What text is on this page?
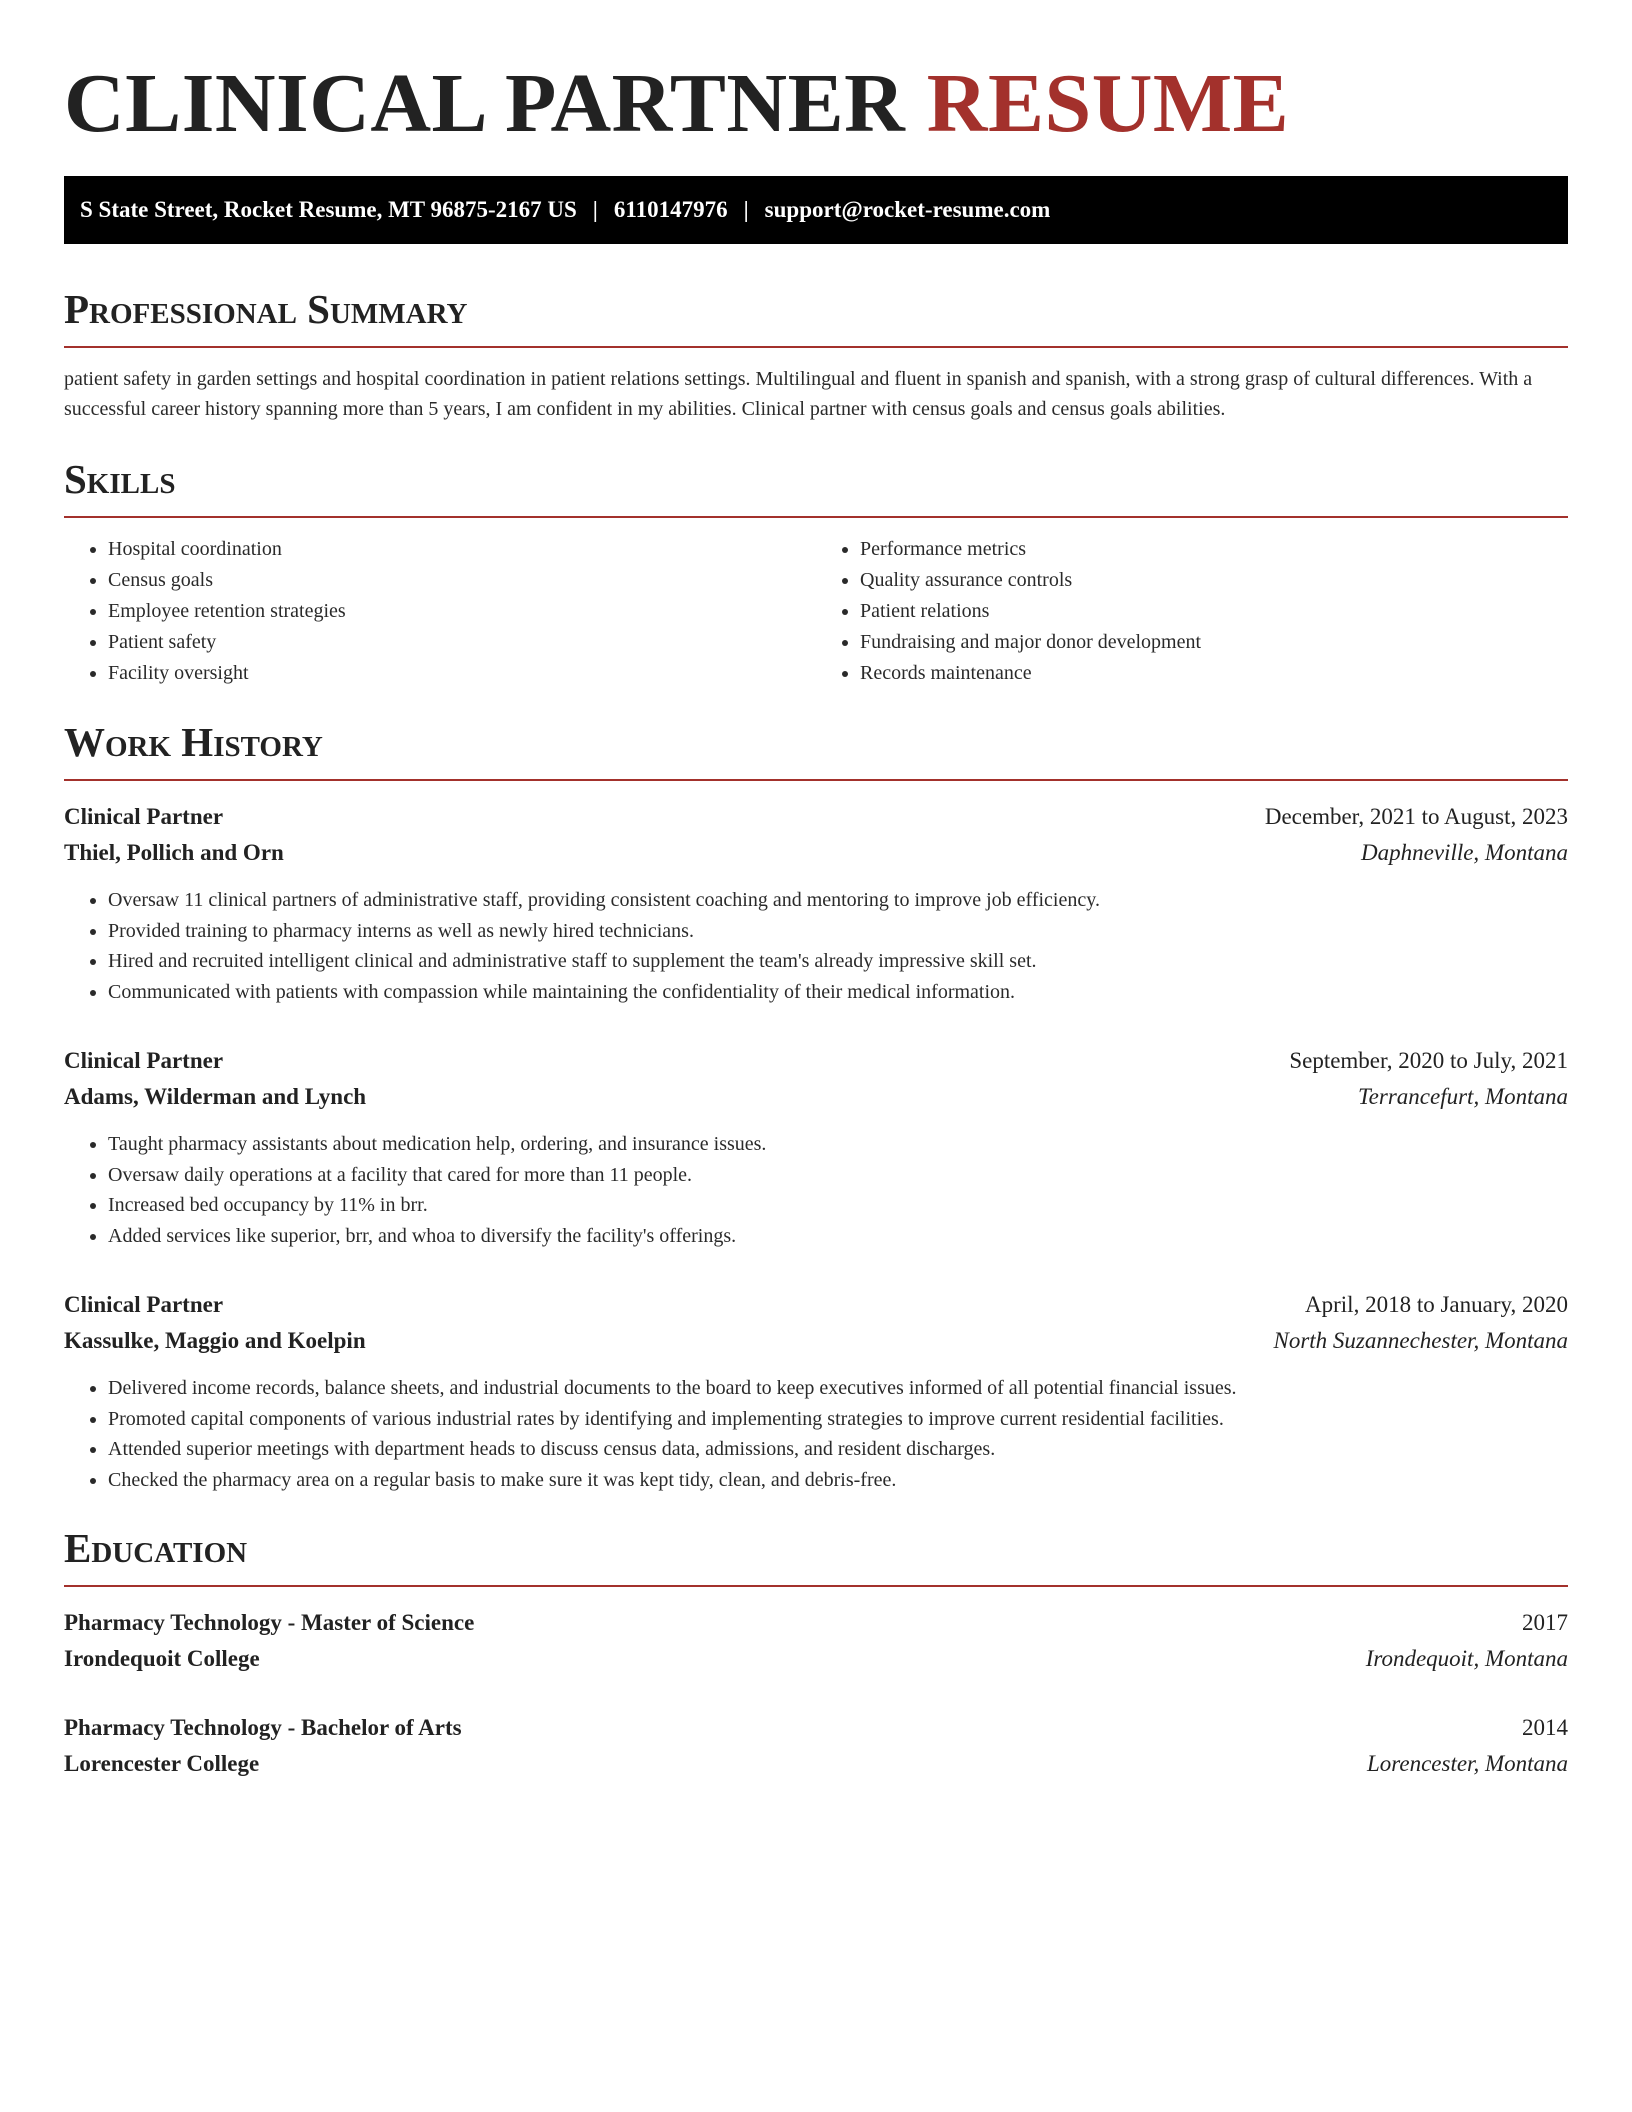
CLINICAL PARTNER RESUME
S State Street, Rocket Resume, MT 96875-2167 US | 6110147976 | support@rocket-resume.com
Professional Summary

patient safety in garden settings and hospital coordination in patient relations settings. Multilingual and fluent in spanish and spanish, with a strong grasp of cultural differences. With a successful career history spanning more than 5 years, I am confident in my abilities. Clinical partner with census goals and census goals abilities.

Skills
• Hospital coordination
• Census goals
• Employee retention strategies
• Patient safety
• Facility oversight
• Performance metrics
• Quality assurance controls
• Patient relations
• Fundraising and major donor development
• Records maintenance
Work History
Clinical Partner	December, 2021 to August, 2023
Thiel, Pollich and Orn	Daphneville, Montana
• Oversaw 11 clinical partners of administrative staff, providing consistent coaching and mentoring to improve job efficiency.
• Provided training to pharmacy interns as well as newly hired technicians.
• Hired and recruited intelligent clinical and administrative staff to supplement the team's already impressive skill set.
• Communicated with patients with compassion while maintaining the confidentiality of their medical information.
Clinical Partner	September, 2020 to July, 2021
Adams, Wilderman and Lynch	Terrancefurt, Montana
• Taught pharmacy assistants about medication help, ordering, and insurance issues.
• Oversaw daily operations at a facility that cared for more than 11 people.
• Increased bed occupancy by 11% in brr.
• Added services like superior, brr, and whoa to diversify the facility's offerings.
Clinical Partner	April, 2018 to January, 2020
Kassulke, Maggio and Koelpin	North Suzannechester, Montana
• Delivered income records, balance sheets, and industrial documents to the board to keep executives informed of all potential financial issues.
• Promoted capital components of various industrial rates by identifying and implementing strategies to improve current residential facilities.
• Attended superior meetings with department heads to discuss census data, admissions, and resident discharges.
• Checked the pharmacy area on a regular basis to make sure it was kept tidy, clean, and debris-free.
Education
Pharmacy Technology - Master of Science	2017
Irondequoit College	Irondequoit, Montana
Pharmacy Technology - Bachelor of Arts	2014
Lorencester College	Lorencester, Montana
